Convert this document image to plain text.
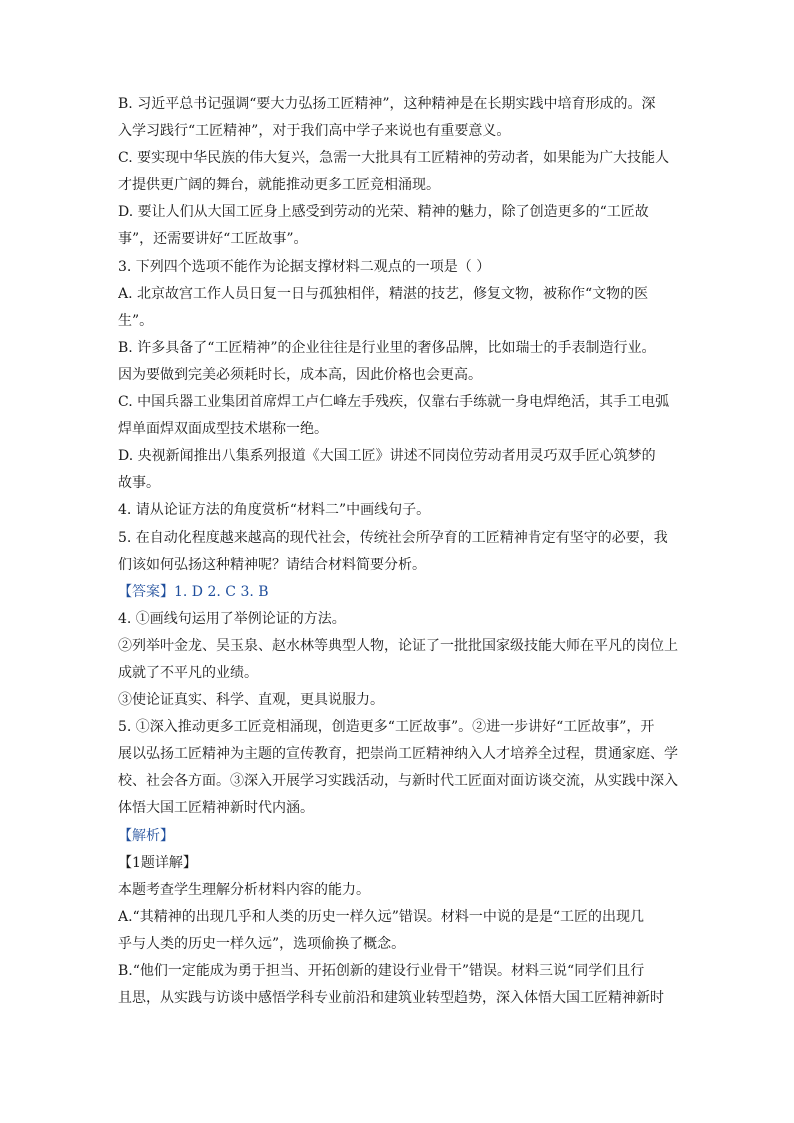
B. 习近平总书记强调“要大力弘扬工匠精神”，这种精神是在长期实践中培育形成的。深
入学习践行“工匠精神”，对于我们高中学子来说也有重要意义。
C. 要实现中华民族的伟大复兴，急需一大批具有工匠精神的劳动者，如果能为广大技能人
才提供更广阔的舞台，就能推动更多工匠竞相涌现。
D. 要让人们从大国工匠身上感受到劳动的光荣、精神的魅力，除了创造更多的“工匠故
事”，还需要讲好“工匠故事”。
3. 下列四个选项不能作为论据支撑材料二观点的一项是（ ）
A. 北京故宫工作人员日复一日与孤独相伴，精湛的技艺，修复文物，被称作“文物的医
生”。
B. 许多具备了“工匠精神”的企业往往是行业里的奢侈品牌，比如瑞士的手表制造行业。
因为要做到完美必须耗时长，成本高，因此价格也会更高。
C. 中国兵器工业集团首席焊工卢仁峰左手残疾，仅靠右手练就一身电焊绝活，其手工电弧
焊单面焊双面成型技术堪称一绝。
D. 央视新闻推出八集系列报道《大国工匠》讲述不同岗位劳动者用灵巧双手匠心筑梦的
故事。
4. 请从论证方法的角度赏析“材料二”中画线句子。
5. 在自动化程度越来越高的现代社会，传统社会所孕育的工匠精神肯定有坚守的必要，我
们该如何弘扬这种精神呢？请结合材料简要分析。
【答案】1. D 2. C 3. B
4. ①画线句运用了举例论证的方法。
②列举叶金龙、吴玉泉、赵水林等典型人物，论证了一批批国家级技能大师在平凡的岗位上
成就了不平凡的业绩。
③使论证真实、科学、直观，更具说服力。
5. ①深入推动更多工匠竞相涌现，创造更多“工匠故事”。②进一步讲好“工匠故事”，开
展以弘扬工匠精神为主题的宣传教育，把崇尚工匠精神纳入人才培养全过程，贯通家庭、学
校、社会各方面。③深入开展学习实践活动，与新时代工匠面对面访谈交流，从实践中深入
体悟大国工匠精神新时代内涵。
【解析】
【1题详解】
本题考查学生理解分析材料内容的能力。
A.“其精神的出现几乎和人类的历史一样久远”错误。材料一中说的是是“工匠的出现几
乎与人类的历史一样久远”，选项偷换了概念。
B.“他们一定能成为勇于担当、开拓创新的建设行业骨干”错误。材料三说“同学们且行
且思，从实践与访谈中感悟学科专业前沿和建筑业转型趋势，深入体悟大国工匠精神新时
